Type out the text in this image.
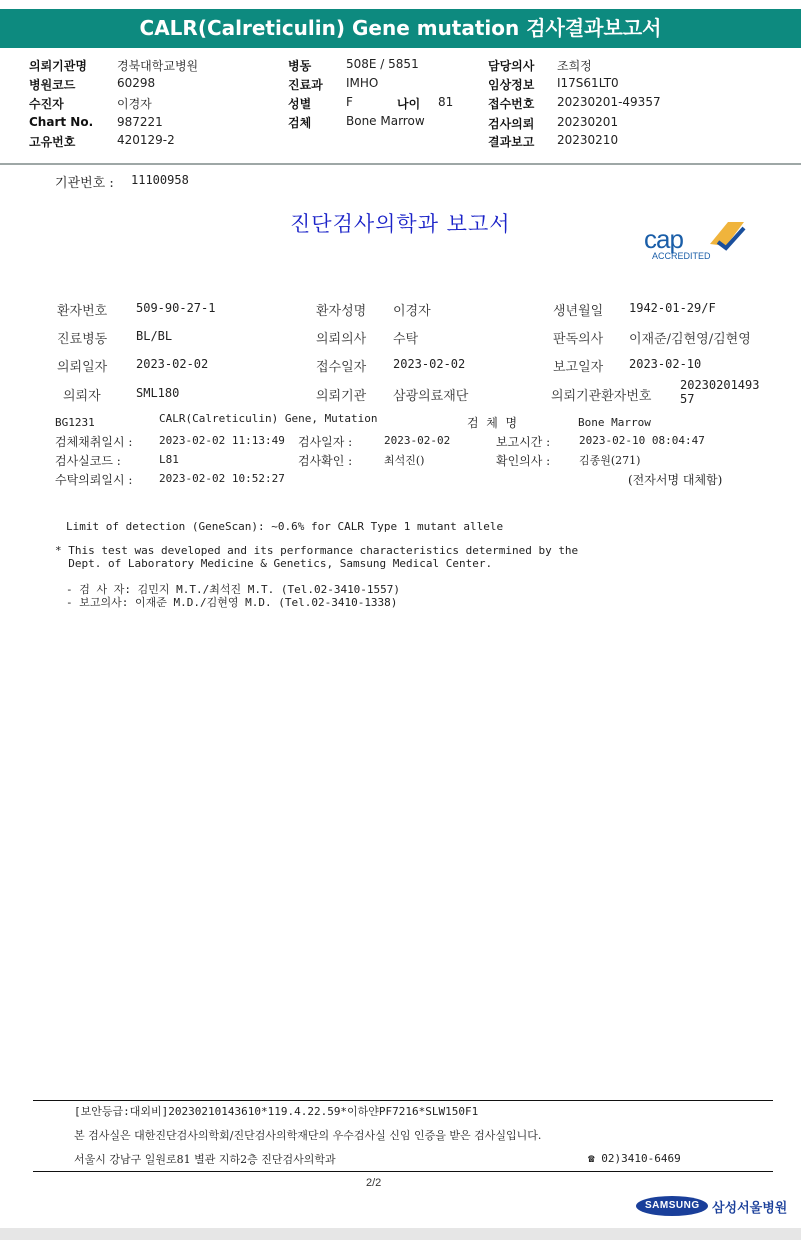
CALR(Calreticulin) Gene mutation 검사결과보고서
의뢰기관명	경북대학교병원
병원코드	60298
수진자	이경자
Chart No. 987221
고유번호	420129-2
병동	508E / 5851
진료과 IMHO
성별	F	나이 81
검체	Bone Marrow
담당의사 조희정
임상정보 I17S61LT0
접수번호 20230201-49357
검사의뢰 20230201
결과보고 20230210
기관번호 : 11100958
진단검사의학과 보고서	cap
ACCREDITED
환자번호 509-90-27-1	환자성명 이경자	생년월일 1942-01-29/F
진료병동 BL/BL	의뢰의사 수탁	판독의사 이재준/김현영/김현영
의뢰일자 2023-02-02	접수일자 2023-02-02	보고일자 2023-02-10
의뢰자	SML180	의뢰기관 삼광의료재단	의뢰기관환자번호
2023020149357
BG1231	CALR(Calreticulin) Gene, Mutation	검  체  명	Bone Marrow
검체채취일시 : 2023-02-02 11:13:49 검사일자 :	2023-02-02	보고시간 :	2023-02-10 08:04:47
검사실코드 :	L81	검사확인 :	최석진()	확인의사 :	김종원(271)
수탁의뢰일시 : 2023-02-02 10:52:27	(전자서명 대체함)
Limit of detection (GeneScan): ~0.6% for CALR Type 1 mutant allele
* This test was developed and its performance characteristics determined by the
Dept. of Laboratory Medicine & Genetics, Samsung Medical Center.
- 검 사 자: 김민지 M.T./최석진 M.T. (Tel.02-3410-1557)
- 보고의사: 이재준 M.D./김현영 M.D. (Tel.02-3410-1338)
[보안등급:대외비]20230210143610*119.4.22.59*이하얀PF7216*SLW150F1
본 검사실은 대한진단검사의학회/진단검사의학재단의 우수검사실 신임 인증을 받은 검사실입니다.
서울시 강남구 일원로81 별관 지하2층 진단검사의학과	☎ 02)3410-6469
2/2
SAMSUNG 삼성서울병원
